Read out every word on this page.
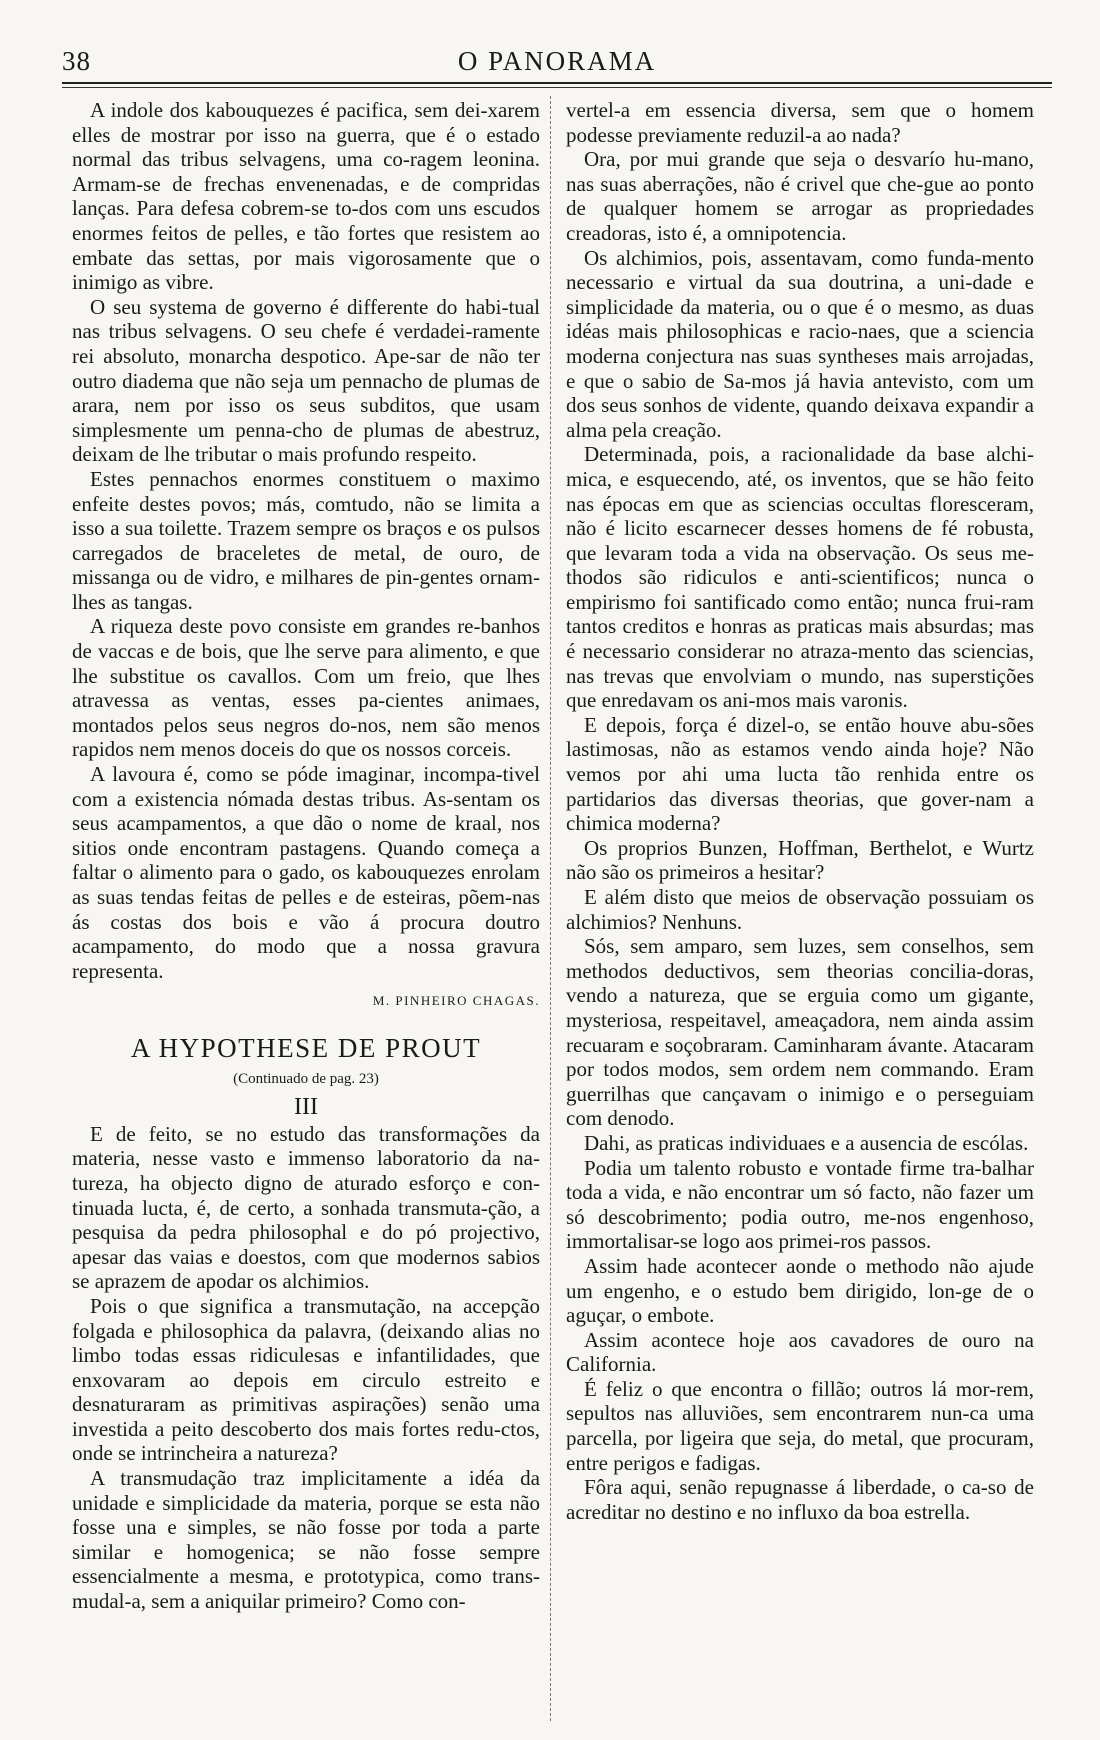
38	O PANORAMA

A indole dos kabouquezes é pacifica, sem dei-xarem elles de mostrar por isso na guerra, que é o estado normal das tribus selvagens, uma co-ragem leonina. Armam-se de frechas envenenadas, e de compridas lanças. Para defesa cobrem-se to-dos com uns escudos enormes feitos de pelles, e tão fortes que resistem ao embate das settas, por mais vigorosamente que o inimigo as vibre.

O seu systema de governo é differente do habi-tual nas tribus selvagens. O seu chefe é verdadei-ramente rei absoluto, monarcha despotico. Ape-sar de não ter outro diadema que não seja um pennacho de plumas de arara, nem por isso os seus subditos, que usam simplesmente um penna-cho de plumas de abestruz, deixam de lhe tributar o mais profundo respeito.

Estes pennachos enormes constituem o maximo enfeite destes povos; más, comtudo, não se limita a isso a sua toilette. Trazem sempre os braços e os pulsos carregados de braceletes de metal, de ouro, de missanga ou de vidro, e milhares de pin-gentes ornam-lhes as tangas.

A riqueza deste povo consiste em grandes re-banhos de vaccas e de bois, que lhe serve para alimento, e que lhe substitue os cavallos. Com um freio, que lhes atravessa as ventas, esses pa-cientes animaes, montados pelos seus negros do-nos, nem são menos rapidos nem menos doceis do que os nossos corceis.

A lavoura é, como se póde imaginar, incompa-tivel com a existencia nómada destas tribus. As-sentam os seus acampamentos, a que dão o nome de kraal, nos sitios onde encontram pastagens. Quando começa a faltar o alimento para o gado, os kabouquezes enrolam as suas tendas feitas de pelles e de esteiras, põem-nas ás costas dos bois e vão á procura doutro acampamento, do modo que a nossa gravura representa.

M. PINHEIRO CHAGAS.
A HYPOTHESE DE PROUT
(Continuado de pag. 23)
III

E de feito, se no estudo das transformações da materia, nesse vasto e immenso laboratorio da na-tureza, ha objecto digno de aturado esforço e con-tinuada lucta, é, de certo, a sonhada transmuta-ção, a pesquisa da pedra philosophal e do pó projectivo, apesar das vaias e doestos, com que modernos sabios se aprazem de apodar os alchimios.

Pois o que significa a transmutação, na accepção folgada e philosophica da palavra, (deixando alias no limbo todas essas ridiculesas e infantilidades, que enxovaram ao depois em circulo estreito e desnaturaram as primitivas aspirações) senão uma investida a peito descoberto dos mais fortes redu-ctos, onde se intrincheira a natureza?

A transmudação traz implicitamente a idéa da unidade e simplicidade da materia, porque se esta não fosse una e simples, se não fosse por toda a parte similar e homogenica; se não fosse sempre essencialmente a mesma, e prototypica, como trans-mudal-a, sem a aniquilar primeiro? Como con-

vertel-a em essencia diversa, sem que o homem podesse previamente reduzil-a ao nada?

Ora, por mui grande que seja o desvarío hu-mano, nas suas aberrações, não é crivel que che-gue ao ponto de qualquer homem se arrogar as propriedades creadoras, isto é, a omnipotencia.

Os alchimios, pois, assentavam, como funda-mento necessario e virtual da sua doutrina, a uni-dade e simplicidade da materia, ou o que é o mesmo, as duas idéas mais philosophicas e racio-naes, que a sciencia moderna conjectura nas suas syntheses mais arrojadas, e que o sabio de Sa-mos já havia antevisto, com um dos seus sonhos de vidente, quando deixava expandir a alma pela creação.

Determinada, pois, a racionalidade da base alchi-mica, e esquecendo, até, os inventos, que se hão feito nas épocas em que as sciencias occultas floresceram, não é licito escarnecer desses homens de fé robusta, que levaram toda a vida na observação. Os seus me-thodos são ridiculos e anti-scientificos; nunca o empirismo foi santificado como então; nunca frui-ram tantos creditos e honras as praticas mais absurdas; mas é necessario considerar no atraza-mento das sciencias, nas trevas que envolviam o mundo, nas superstições que enredavam os ani-mos mais varonis.

E depois, força é dizel-o, se então houve abu-sões lastimosas, não as estamos vendo ainda hoje? Não vemos por ahi uma lucta tão renhida entre os partidarios das diversas theorias, que gover-nam a chimica moderna?

Os proprios Bunzen, Hoffman, Berthelot, e Wurtz não são os primeiros a hesitar?

E além disto que meios de observação possuiam os alchimios? Nenhuns.

Sós, sem amparo, sem luzes, sem conselhos, sem methodos deductivos, sem theorias concilia-doras, vendo a natureza, que se erguia como um gigante, mysteriosa, respeitavel, ameaçadora, nem ainda assim recuaram e soçobraram. Caminharam ávante. Atacaram por todos modos, sem ordem nem commando. Eram guerrilhas que cançavam o inimigo e o perseguiam com denodo.

Dahi, as praticas individuaes e a ausencia de escólas.

Podia um talento robusto e vontade firme tra-balhar toda a vida, e não encontrar um só facto, não fazer um só descobrimento; podia outro, me-nos engenhoso, immortalisar-se logo aos primei-ros passos.

Assim hade acontecer aonde o methodo não ajude um engenho, e o estudo bem dirigido, lon-ge de o aguçar, o embote.

Assim acontece hoje aos cavadores de ouro na California.

É feliz o que encontra o fillão; outros lá mor-rem, sepultos nas alluviões, sem encontrarem nun-ca uma parcella, por ligeira que seja, do metal, que procuram, entre perigos e fadigas.

Fôra aqui, senão repugnasse á liberdade, o ca-so de acreditar no destino e no influxo da boa estrella.
